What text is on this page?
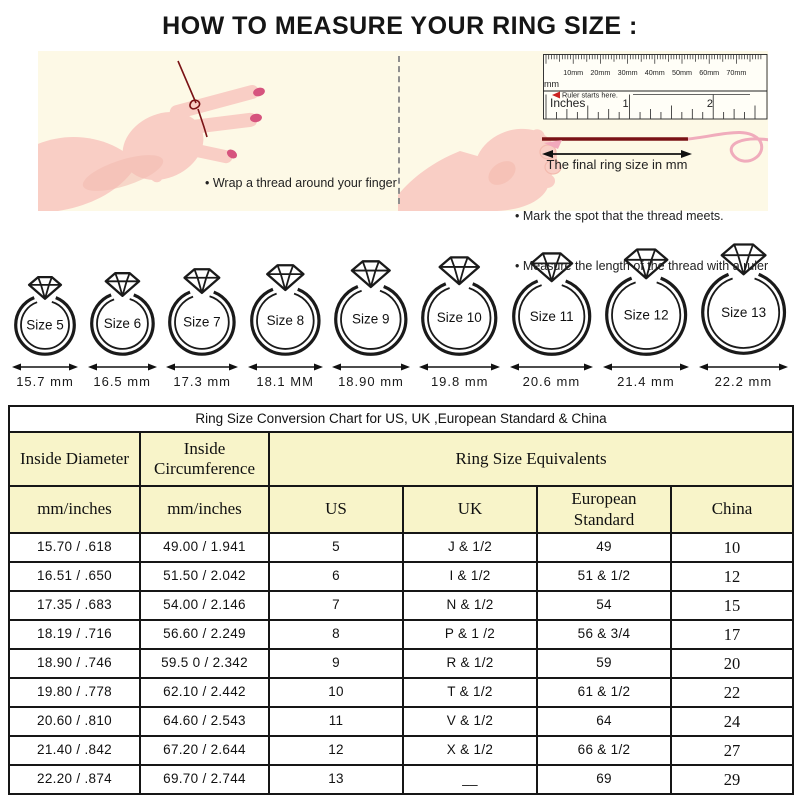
HOW TO MEASURE YOUR RING SIZE :
10mm 20mm 30mm 40mm 50mm 60mm 70mm
1	2
mm
Ruler starts here.
Inches
The final ring size in mm
• Wrap a thread around your finger

• Mark the spot that the thread meets.

• Measure the length of the thread with a ruler

Size 5
15.7 mm
Size 6
16.5 mm
Size 7
17.3 mm
Size 8
18.1 MM
Size 9
18.90 mm
Size 10
19.8 mm
Size 11
20.6 mm
Size 12
21.4 mm
Size 13
22.2 mm
Ring Size Conversion Chart for US, UK ,European Standard & China					
Inside Diameter	Inside Circumference	Ring Size Equivalents			
mm/inches	mm/inches	US	UK	European Standard	China
15.70 / .618	49.00 / 1.941	5	J & 1/2	49	10
16.51 / .650	51.50 / 2.042	6	I & 1/2	51 & 1/2	12
17.35 / .683	54.00 / 2.146	7	N & 1/2	54	15
18.19 / .716	56.60 / 2.249	8	P & 1 /2	56 & 3/4	17
18.90 / .746	59.5 0 / 2.342	9	R & 1/2	59	20
19.80 / .778	62.10 / 2.442	10	T & 1/2	61 & 1/2	22
20.60 / .810	64.60 / 2.543	11	V & 1/2	64	24
21.40 / .842	67.20 / 2.644	12	X & 1/2	66 & 1/2	27
22.20 / .874	69.70 / 2.744	13	__	69	29
